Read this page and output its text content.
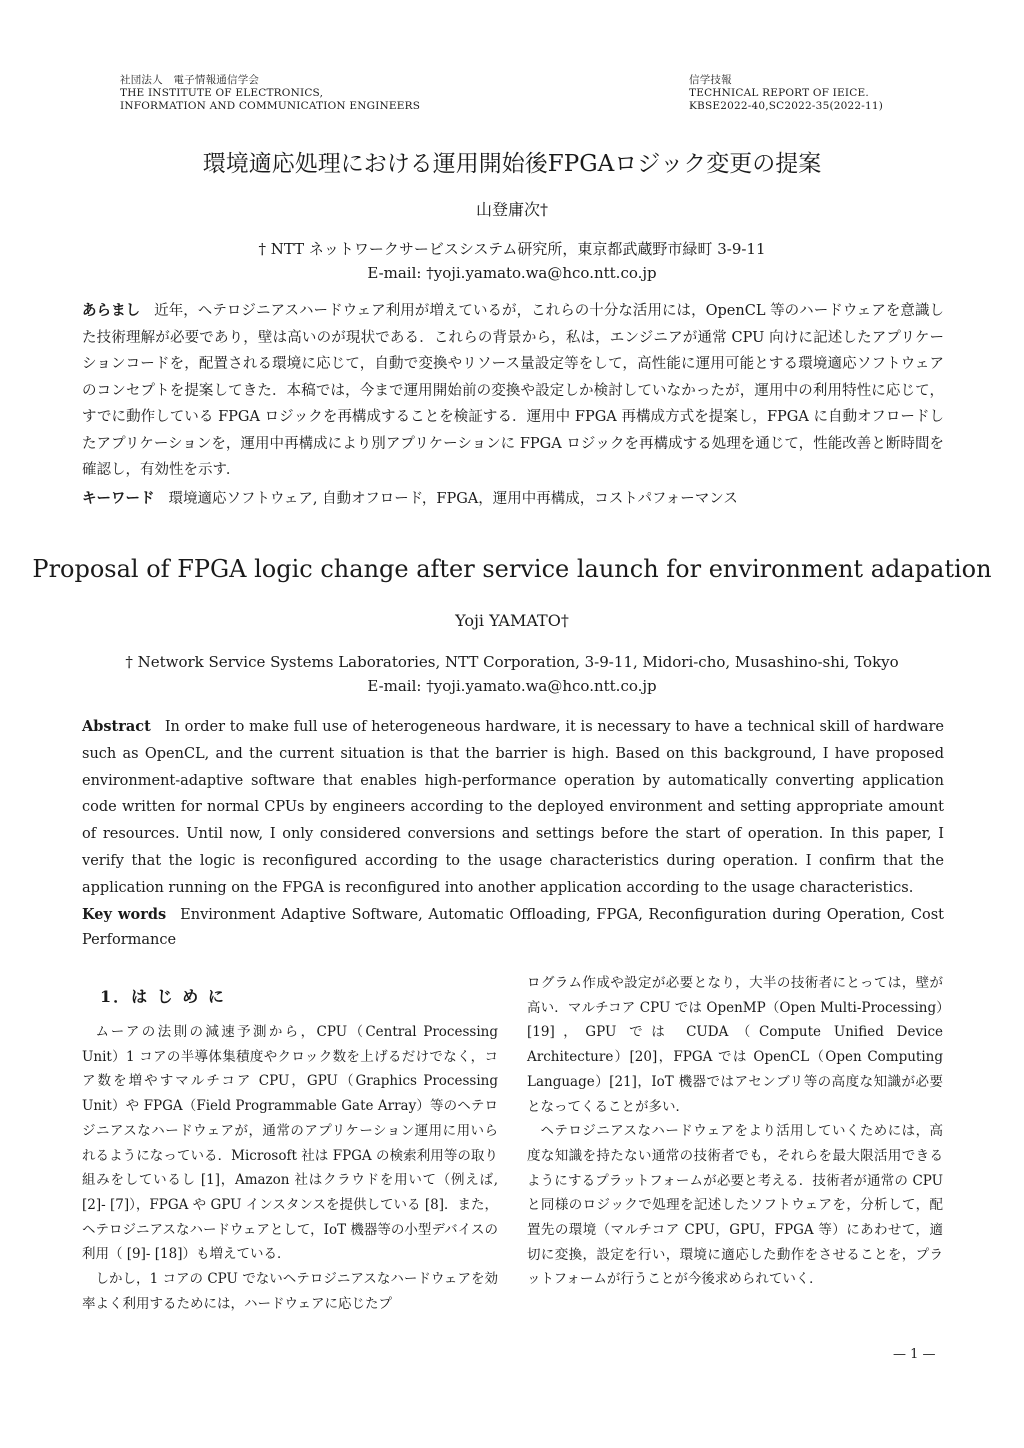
社団法人　電子情報通信学会
THE INSTITUTE OF ELECTRONICS,
INFORMATION AND COMMUNICATION ENGINEERS
信学技報
TECHNICAL REPORT OF IEICE.
KBSE2022-40,SC2022-35(2022-11)
環境適応処理における運用開始後FPGAロジック変更の提案
山登庸次†
† NTT ネットワークサービスシステム研究所，東京都武蔵野市緑町 3-9-11
E-mail: †yoji.yamato.wa@hco.ntt.co.jp
あらまし 近年，ヘテロジニアスハードウェア利用が増えているが，これらの十分な活用には，OpenCL 等のハードウェアを意識した技術理解が必要であり，壁は高いのが現状である．これらの背景から，私は，エンジニアが通常 CPU 向けに記述したアプリケーションコードを，配置される環境に応じて，自動で変換やリソース量設定等をして，高性能に運用可能とする環境適応ソフトウェアのコンセプトを提案してきた．本稿では，今まで運用開始前の変換や設定しか検討していなかったが，運用中の利用特性に応じて，すでに動作している FPGA ロジックを再構成することを検証する．運用中 FPGA 再構成方式を提案し，FPGA に自動オフロードしたアプリケーションを，運用中再構成により別アプリケーションに FPGA ロジックを再構成する処理を通じて，性能改善と断時間を確認し，有効性を示す．
キーワード 環境適応ソフトウェア, 自動オフロード，FPGA，運用中再構成，コストパフォーマンス
Proposal of FPGA logic change after service launch for environment adapation
Yoji YAMATO†
† Network Service Systems Laboratories, NTT Corporation, 3-9-11, Midori-cho, Musashino-shi, Tokyo
E-mail: †yoji.yamato.wa@hco.ntt.co.jp
Abstract In order to make full use of heterogeneous hardware, it is necessary to have a technical skill of hardware such as OpenCL, and the current situation is that the barrier is high. Based on this background, I have proposed environment-adaptive software that enables high-performance operation by automatically converting application code written for normal CPUs by engineers according to the deployed environment and setting appropriate amount of resources. Until now, I only considered conversions and settings before the start of operation. In this paper, I verify that the logic is reconfigured according to the usage characteristics during operation. I confirm that the application running on the FPGA is reconfigured into another application according to the usage characteristics.
Key words Environment Adaptive Software, Automatic Offloading, FPGA, Reconfiguration during Operation, Cost Performance
1．は じ め に

ムーアの法則の減速予測から，CPU（Central Processing Unit）1 コアの半導体集積度やクロック数を上げるだけでなく，コア数を増やすマルチコア CPU，GPU（Graphics Processing Unit）や FPGA（Field Programmable Gate Array）等のヘテロジニアスなハードウェアが，通常のアプリケーション運用に用いられるようになっている．Microsoft 社は FPGA の検索利用等の取り組みをしているし [1]，Amazon 社はクラウドを用いて（例えば, [2]- [7]），FPGA や GPU インスタンスを提供している [8]．また，ヘテロジニアスなハードウェアとして，IoT 機器等の小型デバイスの利用（ [9]- [18]）も増えている．

しかし，1 コアの CPU でないヘテロジニアスなハードウェアを効率よく利用するためには，ハードウェアに応じたプ

ログラム作成や設定が必要となり，大半の技術者にとっては，壁が高い．マルチコア CPU では OpenMP（Open Multi-Processing）[19]，GPU では CUDA（Compute Unified Device Architecture）[20]，FPGA では OpenCL（Open Computing Language）[21]，IoT 機器ではアセンブリ等の高度な知識が必要となってくることが多い．

ヘテロジニアスなハードウェアをより活用していくためには，高度な知識を持たない通常の技術者でも，それらを最大限活用できるようにするプラットフォームが必要と考える．技術者が通常の CPU と同様のロジックで処理を記述したソフトウェアを，分析して，配置先の環境（マルチコア CPU，GPU，FPGA 等）にあわせて，適切に変換，設定を行い，環境に適応した動作をさせることを，プラットフォームが行うことが今後求められていく．

— 1 —
